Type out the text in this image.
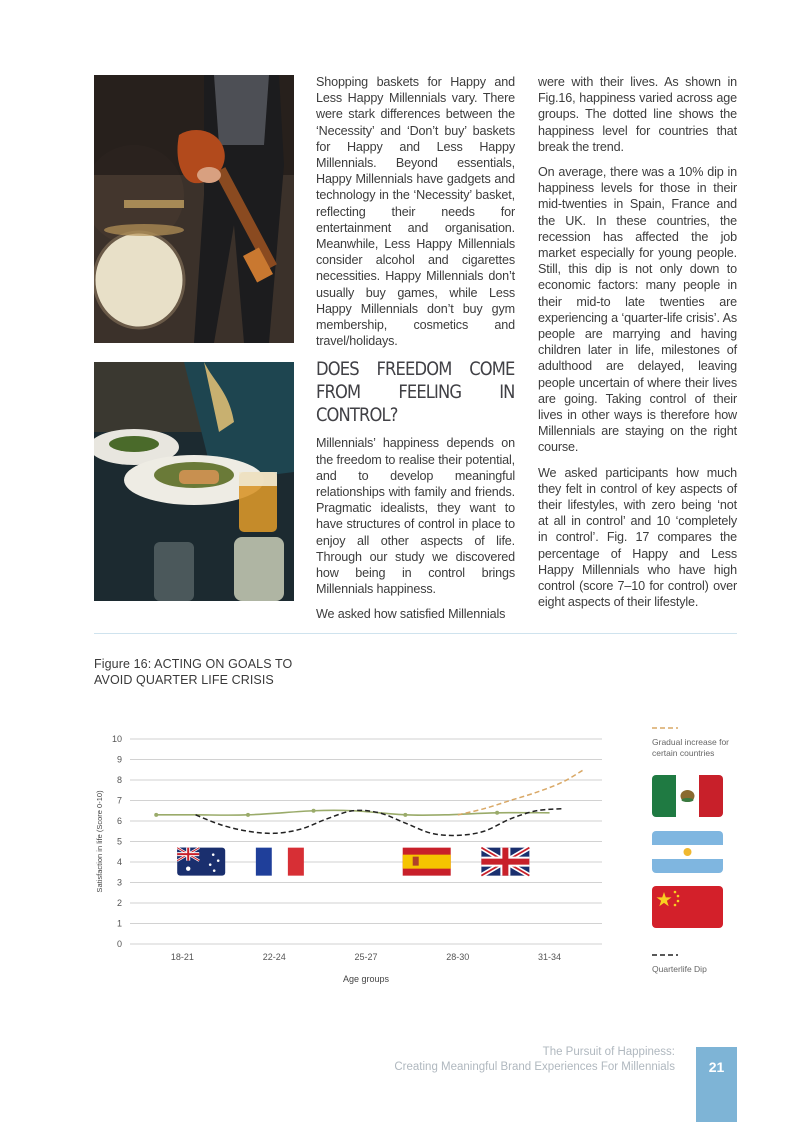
Shopping baskets for Happy and Less Happy Millennials vary. There were stark differences between the ‘Necessity’ and ‘Don’t buy’ baskets for Happy and Less Happy Millennials. Beyond essentials, Happy Millennials have gadgets and technology in the ‘Necessity’ basket, reflecting their needs for entertainment and organisation. Meanwhile, Less Happy Millennials consider alcohol and cigarettes necessities. Happy Millennials don’t usually buy games, while Less Happy Millennials don’t buy gym membership, cosmetics and travel/holidays.

DOES FREEDOM COME FROM FEELING IN CONTROL?

Millennials’ happiness depends on the freedom to realise their potential, and to develop meaningful relationships with family and friends. Pragmatic idealists, they want to have structures of control in place to enjoy all other aspects of life. Through our study we discovered how being in control brings Millennials happiness.

We asked how satisfied Millennials

were with their lives. As shown in Fig.16, happiness varied across age groups. The dotted line shows the happiness level for countries that break the trend.

On average, there was a 10% dip in happiness levels for those in their mid-twenties in Spain, France and the UK. In these countries, the recession has affected the job market especially for young people. Still, this dip is not only down to economic factors: many people in their mid-to late twenties are experiencing a ‘quarter-life crisis’. As people are marrying and having children later in life, milestones of adulthood are delayed, leaving people uncertain of where their lives are going. Taking control of their lives in other ways is therefore how Millennials are staying on the right course.

We asked participants how much they felt in control of key aspects of their lifestyles, with zero being ‘not at all in control’ and 10 ‘completely in control’. Fig. 17 compares the percentage of Happy and Less Happy Millennials who have high control (score 7–10 for control) over eight aspects of their lifestyle.

Figure 16: ACTING ON GOALS TO
AVOID QUARTER LIFE CRISIS
0
1
2
3
4
5
6
7
8
9
10
18-21	22-24	25-27	28-30	31-34
Age groups
Satisfaction in life (Score 0-10)
Gradual increase for certain countries
Quarterlife Dip
The Pursuit of Happiness:
Creating Meaningful Brand Experiences For Millennials	21
